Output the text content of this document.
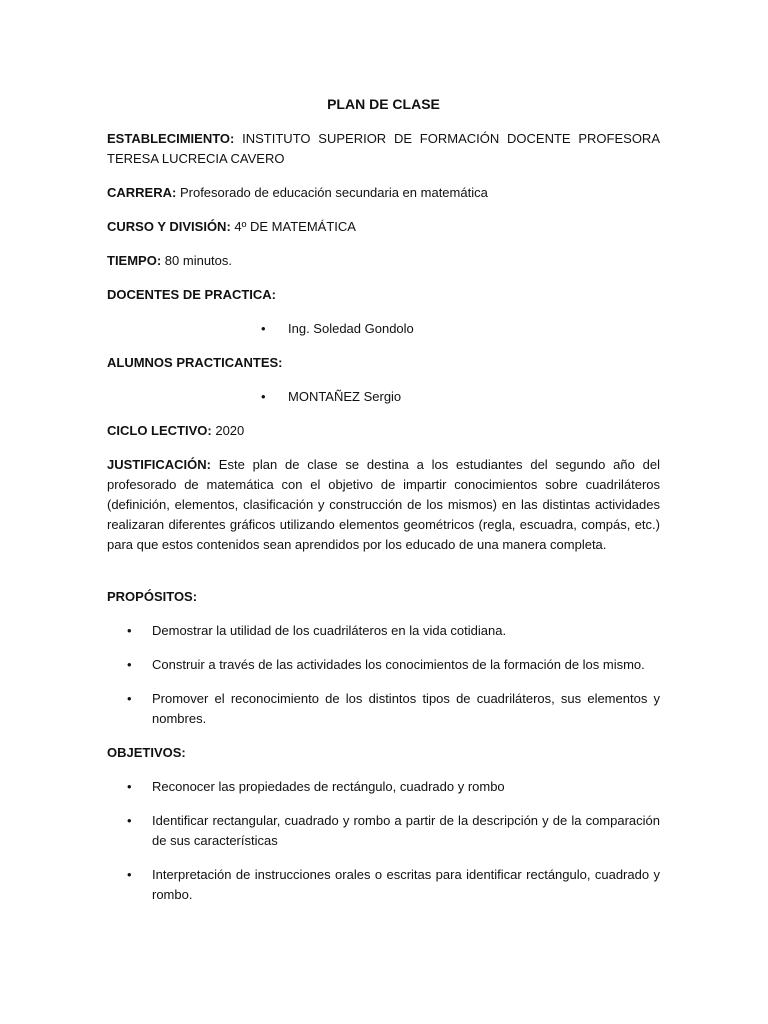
PLAN DE CLASE

ESTABLECIMIENTO: INSTITUTO SUPERIOR DE FORMACIÓN DOCENTE PROFESORA TERESA LUCRECIA CAVERO

CARRERA: Profesorado de educación secundaria en matemática

CURSO Y DIVISIÓN: 4º DE MATEMÁTICA

TIEMPO: 80 minutos.

DOCENTES DE PRACTICA:
• Ing. Soledad Gondolo
ALUMNOS PRACTICANTES:
• MONTAÑEZ Sergio

CICLO LECTIVO: 2020

JUSTIFICACIÓN: Este plan de clase se destina a los estudiantes del segundo año del profesorado de matemática con el objetivo de impartir conocimientos sobre cuadriláteros (definición, elementos, clasificación y construcción de los mismos) en las distintas actividades realizaran diferentes gráficos utilizando elementos geométricos (regla, escuadra, compás, etc.) para que estos contenidos sean aprendidos por los educado de una manera completa.

PROPÓSITOS:
• Demostrar la utilidad de los cuadriláteros en la vida cotidiana.
• Construir a través de las actividades los conocimientos de la formación de los mismo.
• Promover el reconocimiento de los distintos tipos de cuadriláteros, sus elementos y nombres.
OBJETIVOS:
• Reconocer las propiedades de rectángulo, cuadrado y rombo
• Identificar rectangular, cuadrado y rombo a partir de la descripción y de la comparación de sus características
• Interpretación de instrucciones orales o escritas para identificar rectángulo, cuadrado y rombo.
